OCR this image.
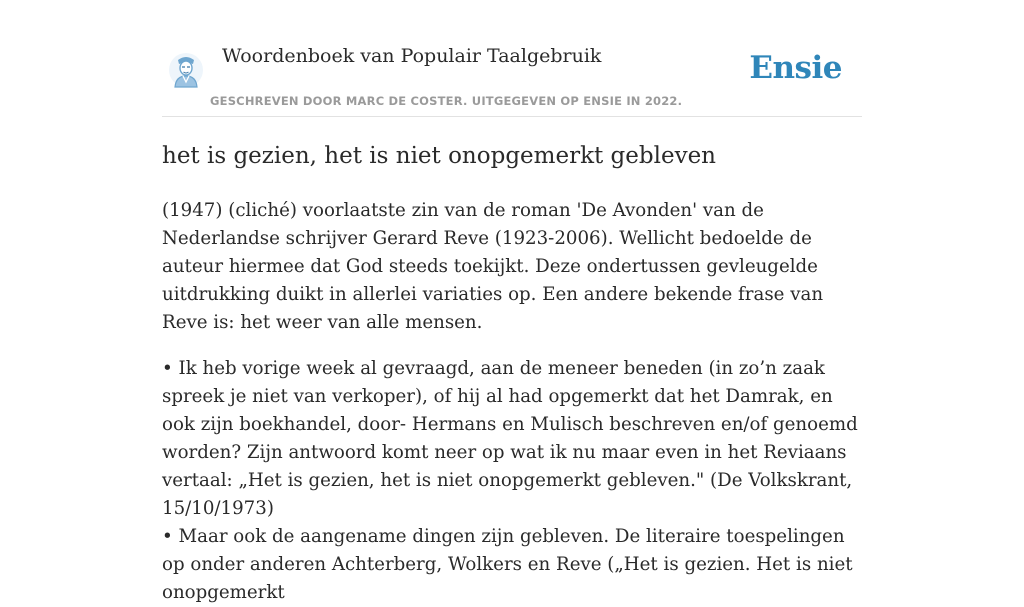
Woordenboek van Populair Taalgebruik
GESCHREVEN DOOR MARC DE COSTER. UITGEGEVEN OP ENSIE IN 2022.
Ensie
het is gezien, het is niet onopgemerkt gebleven

(1947) (cliché) voorlaatste zin van de roman 'De Avonden' van de Nederlandse schrijver Gerard Reve (1923-2006). Wellicht bedoelde de auteur hiermee dat God steeds toekijkt. Deze ondertussen gevleugelde uitdrukking duikt in allerlei variaties op. Een andere bekende frase van Reve is: het weer van alle mensen.

• Ik heb vorige week al gevraagd, aan de meneer beneden (in zo’n zaak spreek je niet van verkoper), of hij al had opgemerkt dat het Damrak, en ook zijn boekhandel, door- Hermans en Mulisch beschreven en/of genoemd worden? Zijn antwoord komt neer op wat ik nu maar even in het Reviaans vertaal: „Het is gezien, het is niet onopgemerkt gebleven." (De Volkskrant, 15/10/1973)

• Maar ook de aangename dingen zijn gebleven. De literaire toespelingen op onder anderen Achterberg, Wolkers en Reve („Het is gezien. Het is niet onopgemerkt
